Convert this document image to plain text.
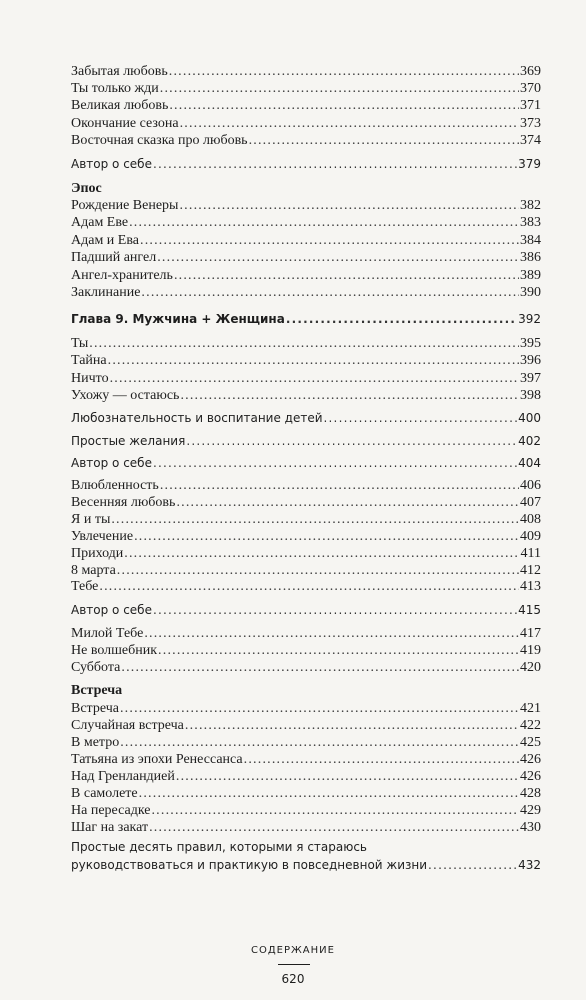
Забытая любовь .....	369
Ты только жди .....	370
Великая любовь .....	371
Окончание сезона .....	373
Восточная сказка про любовь .....	374
Автор о себе .....	379
Эпос
Рождение Венеры .....	382
Адам Еве .....	383
Адам и Ева .....	384
Падший ангел .....	386
Ангел-хранитель .....	389
Заклинание .....	390
Глава 9. Мужчина + Женщина .....	392
Ты .....	395
Тайна .....	396
Ничто .....	397
Ухожу — остаюсь .....	398
Любознательность и воспитание детей .....	400
Простые желания .....	402
Автор о себе .....	404
Влюбленность .....	406
Весенняя любовь .....	407
Я и ты .....	408
Увлечение .....	409
Приходи .....	411
8 марта .....	412
Тебе .....	413
Автор о себе .....	415
Милой Тебе .....	417
Не волшебник .....	419
Суббота .....	420
Встреча
Встреча .....	421
Случайная встреча .....	422
В метро .....	425
Татьяна из эпохи Ренессанса .....	426
Над Гренландией .....	426
В самолете .....	428
На пересадке .....	429
Шаг на закат .....	430
Простые десять правил, которыми я стараюсь
руководствоваться и практикую в повседневной жизни .....	432
СОДЕРЖАНИЕ
620
